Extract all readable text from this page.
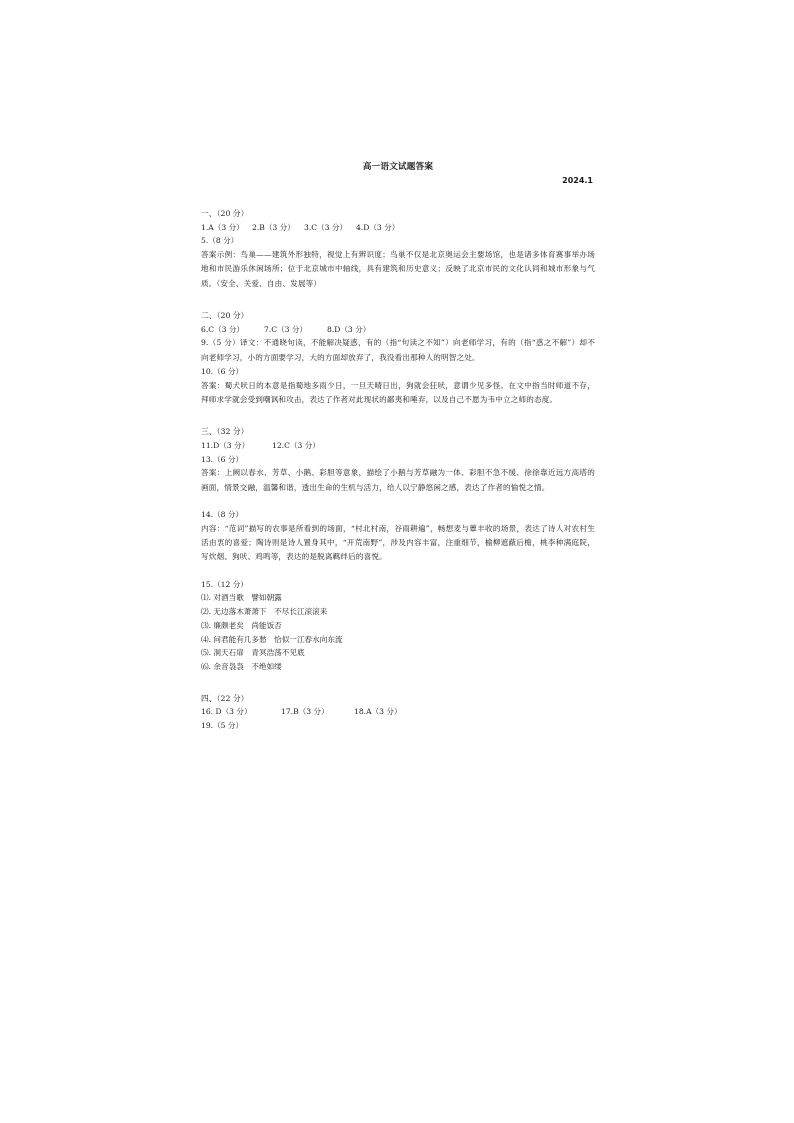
高一语文试题答案
2024.1
一、（20 分）
1.A（3 分）	2.B（3 分）	3.C（3 分）	4.D（3 分）
5.（8 分）
答案示例：鸟巢——建筑外形独特，视觉上有辨识度；鸟巢不仅是北京奥运会主要场馆，也是诸多体育赛事举办场地和市民游乐休闲场所；位于北京城市中轴线，具有建筑和历史意义；反映了北京市民的文化认同和城市形象与气质。（安全、关爱、自由、发展等）
二、（20 分）
6.C（3 分）	7.C（3 分）	8.D（3 分）
9.（5 分）译文：不通晓句读，不能解决疑惑，有的（指“句读之不知”）向老师学习，有的（指“惑之不解”）却不向老师学习，小的方面要学习，大的方面却放弃了，我没看出那种人的明智之处。
10.（6 分）
答案：蜀犬吠日的本意是指蜀地多雨少日，一旦天晴日出，狗就会狂吠，意谓少见多怪。在文中指当时师道不存，拜师求学就会受到嘲讽和攻击，表达了作者对此现状的鄙夷和唾弃，以及自己不愿为韦中立之师的态度。
三、（32 分）
11.D（3 分）	12.C（3 分）
13.（6 分）
答案：上阙以春水、芳草、小鹅、彩胆等意象，描绘了小鹅与芳草融为一体、彩胆不急不缓、徐徐靠近远方高塔的画面，情景交融，温馨和谐，透出生命的生机与活力，给人以宁静悠闲之感，表达了作者的愉悦之情。
14.（8 分）
内容：“范词”描写的农事是所看到的场面，“村北村南，谷雨耕遍”，畅想麦与蕈丰收的场景，表达了诗人对农村生活由衷的喜爱；陶诗则是诗人置身其中，“开荒南野”，涉及内容丰富，注重细节，榆柳遮蔽后檐，桃李种满庭院，写炊烟、狗吠、鸡鸣等，表达的是脱离羁绊后的喜悦。
15.（12 分）
⑴. 对酒当歌　譬如朝露
⑵. 无边落木萧萧下　不尽长江滚滚来
⑶. 廉颇老矣　尚能饭否
⑷. 问君能有几多愁　恰似一江春水向东流
⑸. 洞天石扉　青冥浩荡不见底
⑹. 余音袅袅　不绝如缕
四、（22 分）
16. D（3 分）	17.B（3 分）	18.A（3 分）
19.（5 分）
